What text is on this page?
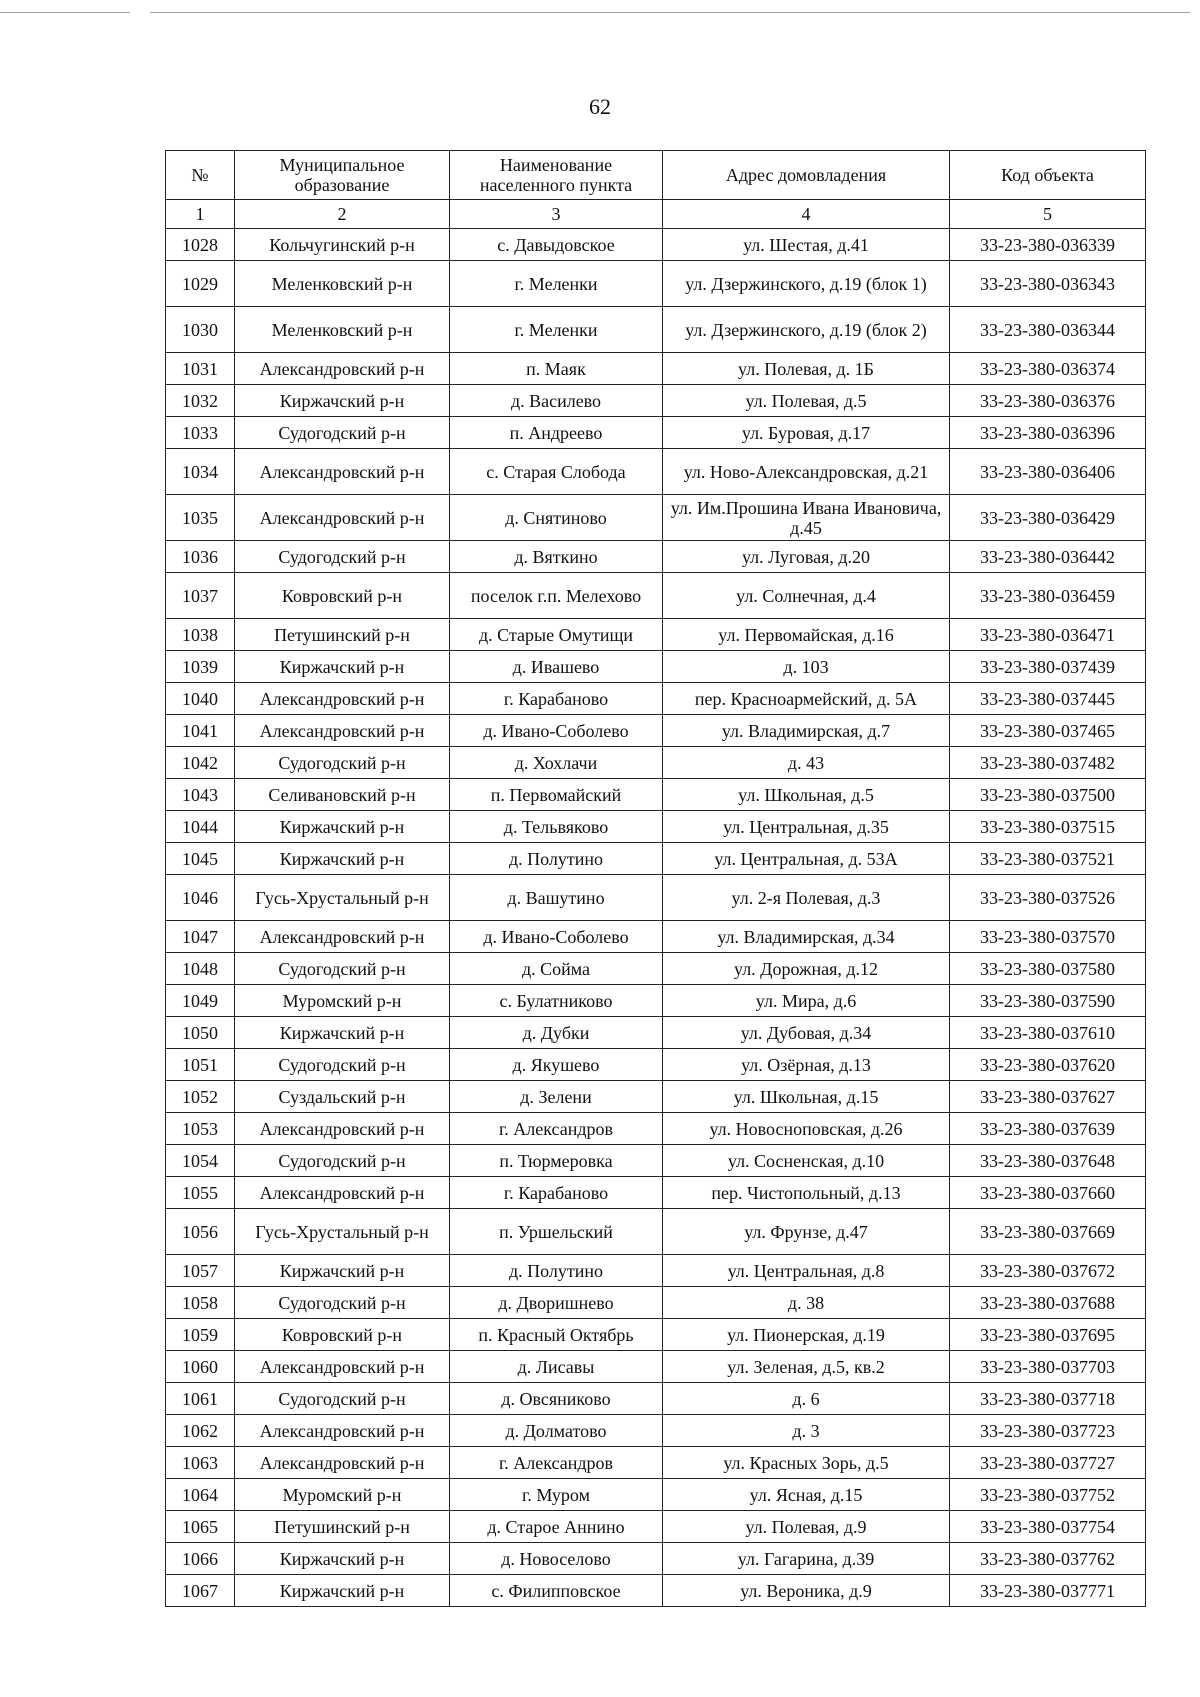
62
№	Муниципальное образование	Наименование населенного пункта	Адрес домовладения	Код объекта
1	2	3	4	5
1028	Кольчугинский р-н	с. Давыдовское	ул. Шестая, д.41	33-23-380-036339
1029	Меленковский р-н	г. Меленки	ул. Дзержинского, д.19 (блок 1)	33-23-380-036343
1030	Меленковский р-н	г. Меленки	ул. Дзержинского, д.19 (блок 2)	33-23-380-036344
1031	Александровский р-н	п. Маяк	ул. Полевая, д. 1Б	33-23-380-036374
1032	Киржачский р-н	д. Василево	ул. Полевая, д.5	33-23-380-036376
1033	Судогодский р-н	п. Андреево	ул. Буровая, д.17	33-23-380-036396
1034	Александровский р-н	с. Старая Слобода	ул. Ново-Александровская, д.21	33-23-380-036406
1035	Александровский р-н	д. Снятиново	ул. Им.Прошина Ивана Ивановича, д.45	33-23-380-036429
1036	Судогодский р-н	д. Вяткино	ул. Луговая, д.20	33-23-380-036442
1037	Ковровский р-н	поселок г.п. Мелехово	ул. Солнечная, д.4	33-23-380-036459
1038	Петушинский р-н	д. Старые Омутищи	ул. Первомайская, д.16	33-23-380-036471
1039	Киржачский р-н	д. Ивашево	д. 103	33-23-380-037439
1040	Александровский р-н	г. Карабаново	пер. Красноармейский, д. 5А	33-23-380-037445
1041	Александровский р-н	д. Ивано-Соболево	ул. Владимирская, д.7	33-23-380-037465
1042	Судогодский р-н	д. Хохлачи	д. 43	33-23-380-037482
1043	Селивановский р-н	п. Первомайский	ул. Школьная, д.5	33-23-380-037500
1044	Киржачский р-н	д. Тельвяково	ул. Центральная, д.35	33-23-380-037515
1045	Киржачский р-н	д. Полутино	ул. Центральная, д. 53А	33-23-380-037521
1046	Гусь-Хрустальный р-н	д. Вашутино	ул. 2-я Полевая, д.3	33-23-380-037526
1047	Александровский р-н	д. Ивано-Соболево	ул. Владимирская, д.34	33-23-380-037570
1048	Судогодский р-н	д. Сойма	ул. Дорожная, д.12	33-23-380-037580
1049	Муромский р-н	с. Булатниково	ул. Мира, д.6	33-23-380-037590
1050	Киржачский р-н	д. Дубки	ул. Дубовая, д.34	33-23-380-037610
1051	Судогодский р-н	д. Якушево	ул. Озёрная, д.13	33-23-380-037620
1052	Суздальский р-н	д. Зелени	ул. Школьная, д.15	33-23-380-037627
1053	Александровский р-н	г. Александров	ул. Новоснопoвская, д.26	33-23-380-037639
1054	Судогодский р-н	п. Тюрмеровка	ул. Сосненская, д.10	33-23-380-037648
1055	Александровский р-н	г. Карабаново	пер. Чистопольный, д.13	33-23-380-037660
1056	Гусь-Хрустальный р-н	п. Уршельский	ул. Фрунзе, д.47	33-23-380-037669
1057	Киржачский р-н	д. Полутино	ул. Центральная, д.8	33-23-380-037672
1058	Судогодский р-н	д. Дворишнево	д. 38	33-23-380-037688
1059	Ковровский р-н	п. Красный Октябрь	ул. Пионерская, д.19	33-23-380-037695
1060	Александровский р-н	д. Лисавы	ул. Зеленая, д.5, кв.2	33-23-380-037703
1061	Судогодский р-н	д. Овсяниково	д. 6	33-23-380-037718
1062	Александровский р-н	д. Долматово	д. 3	33-23-380-037723
1063	Александровский р-н	г. Александров	ул. Красных Зорь, д.5	33-23-380-037727
1064	Муромский р-н	г. Муром	ул. Ясная, д.15	33-23-380-037752
1065	Петушинский р-н	д. Старое Аннино	ул. Полевая, д.9	33-23-380-037754
1066	Киржачский р-н	д. Новоселово	ул. Гагарина, д.39	33-23-380-037762
1067	Киржачский р-н	с. Филипповское	ул. Вероника, д.9	33-23-380-037771
